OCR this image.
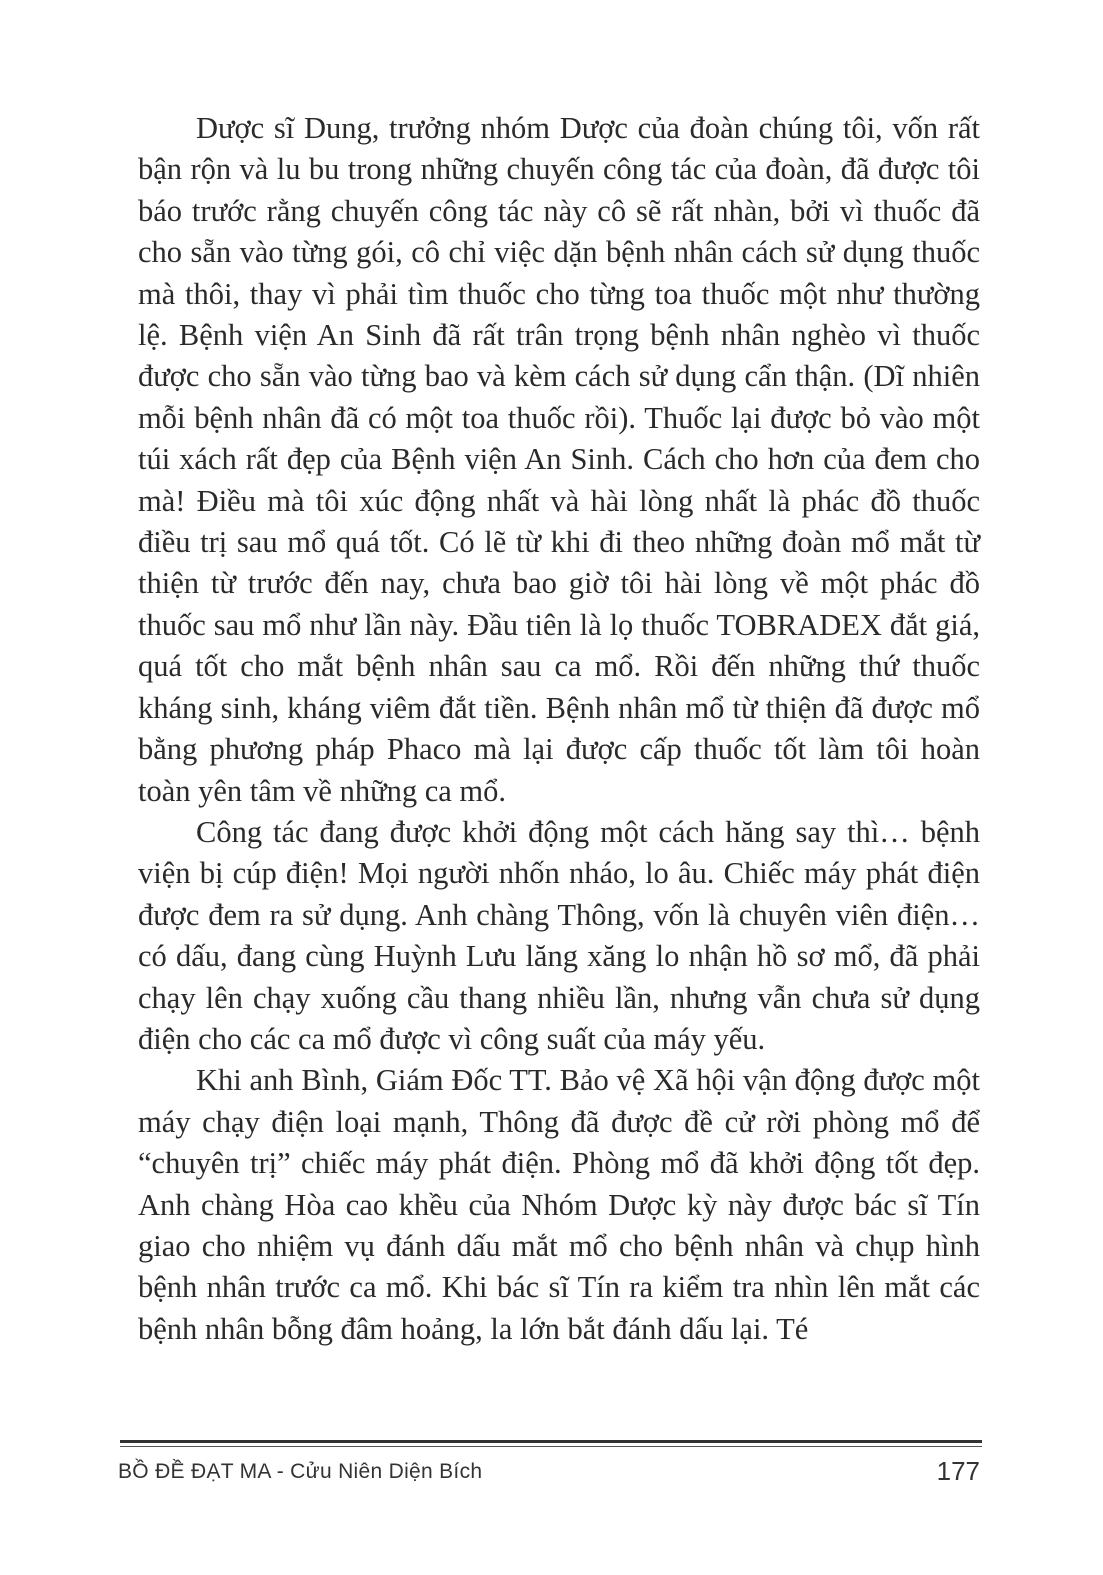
Dược sĩ Dung, trưởng nhóm Dược của đoàn chúng tôi, vốn rất bận rộn và lu bu trong những chuyến công tác của đoàn, đã được tôi báo trước rằng chuyến công tác này cô sẽ rất nhàn, bởi vì thuốc đã cho sẵn vào từng gói, cô chỉ việc dặn bệnh nhân cách sử dụng thuốc mà thôi, thay vì phải tìm thuốc cho từng toa thuốc một như thường lệ. Bệnh viện An Sinh đã rất trân trọng bệnh nhân nghèo vì thuốc được cho sẵn vào từng bao và kèm cách sử dụng cẩn thận. (Dĩ nhiên mỗi bệnh nhân đã có một toa thuốc rồi). Thuốc lại được bỏ vào một túi xách rất đẹp của Bệnh viện An Sinh. Cách cho hơn của đem cho mà! Điều mà tôi xúc động nhất và hài lòng nhất là phác đồ thuốc điều trị sau mổ quá tốt. Có lẽ từ khi đi theo những đoàn mổ mắt từ thiện từ trước đến nay, chưa bao giờ tôi hài lòng về một phác đồ thuốc sau mổ như lần này. Đầu tiên là lọ thuốc TOBRADEX đắt giá, quá tốt cho mắt bệnh nhân sau ca mổ. Rồi đến những thứ thuốc kháng sinh, kháng viêm đắt tiền. Bệnh nhân mổ từ thiện đã được mổ bằng phương pháp Phaco mà lại được cấp thuốc tốt làm tôi hoàn toàn yên tâm về những ca mổ.

Công tác đang được khởi động một cách hăng say thì… bệnh viện bị cúp điện! Mọi người nhốn nháo, lo âu. Chiếc máy phát điện được đem ra sử dụng. Anh chàng Thông, vốn là chuyên viên điện… có dấu, đang cùng Huỳnh Lưu lăng xăng lo nhận hồ sơ mổ, đã phải chạy lên chạy xuống cầu thang nhiều lần, nhưng vẫn chưa sử dụng điện cho các ca mổ được vì công suất của máy yếu.

Khi anh Bình, Giám Đốc TT. Bảo vệ Xã hội vận động được một máy chạy điện loại mạnh, Thông đã được đề cử rời phòng mổ để “chuyên trị” chiếc máy phát điện. Phòng mổ đã khởi động tốt đẹp. Anh chàng Hòa cao khều của Nhóm Dược kỳ này được bác sĩ Tín giao cho nhiệm vụ đánh dấu mắt mổ cho bệnh nhân và chụp hình bệnh nhân trước ca mổ. Khi bác sĩ Tín ra kiểm tra nhìn lên mắt các bệnh nhân bỗng đâm hoảng, la lớn bắt đánh dấu lại. Té

BỒ ĐỀ ĐẠT MA - Cửu Niên Diện Bích	177
